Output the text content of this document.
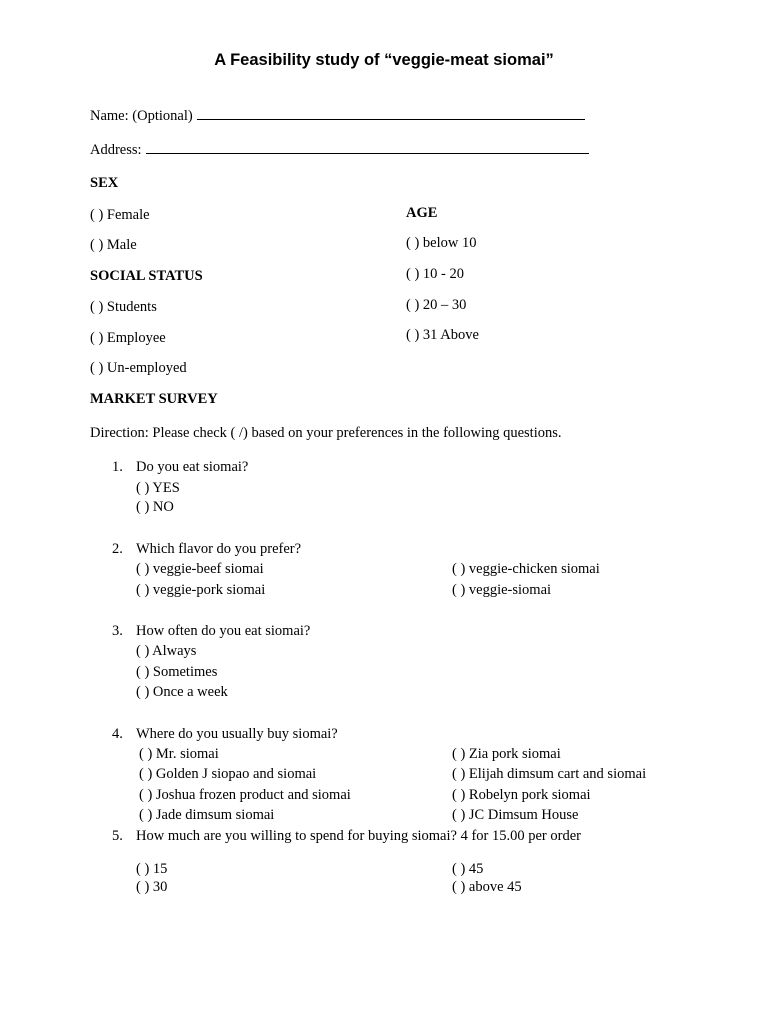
A Feasibility study of “veggie-meat siomai”
Name: (Optional)
Address:
SEX
( ) Female
( ) Male
AGE
( ) below 10
( ) 10 - 20
( ) 20 – 30
( ) 31 Above
SOCIAL STATUS
( ) Students
( ) Employee
( ) Un-employed
MARKET SURVEY
Direction: Please check ( /) based on your preferences in the following questions.
1. Do you eat siomai?
( ) YES
( ) NO
2. Which flavor do you prefer?
( ) veggie-beef siomai
( ) veggie-pork siomai
( ) veggie-chicken siomai
( ) veggie-siomai
3. How often do you eat siomai?
( ) Always
( ) Sometimes
( ) Once a week
4. Where do you usually buy siomai?
( ) Mr. siomai
( ) Golden J siopao and siomai
( ) Joshua frozen product and siomai
( ) Jade dimsum siomai
( ) Zia pork siomai
( ) Elijah dimsum cart and siomai
( ) Robelyn pork siomai
( ) JC Dimsum House
5. How much are you willing to spend for buying siomai? 4 for 15.00 per order
( ) 15
( ) 30
( ) 45
( ) above 45
